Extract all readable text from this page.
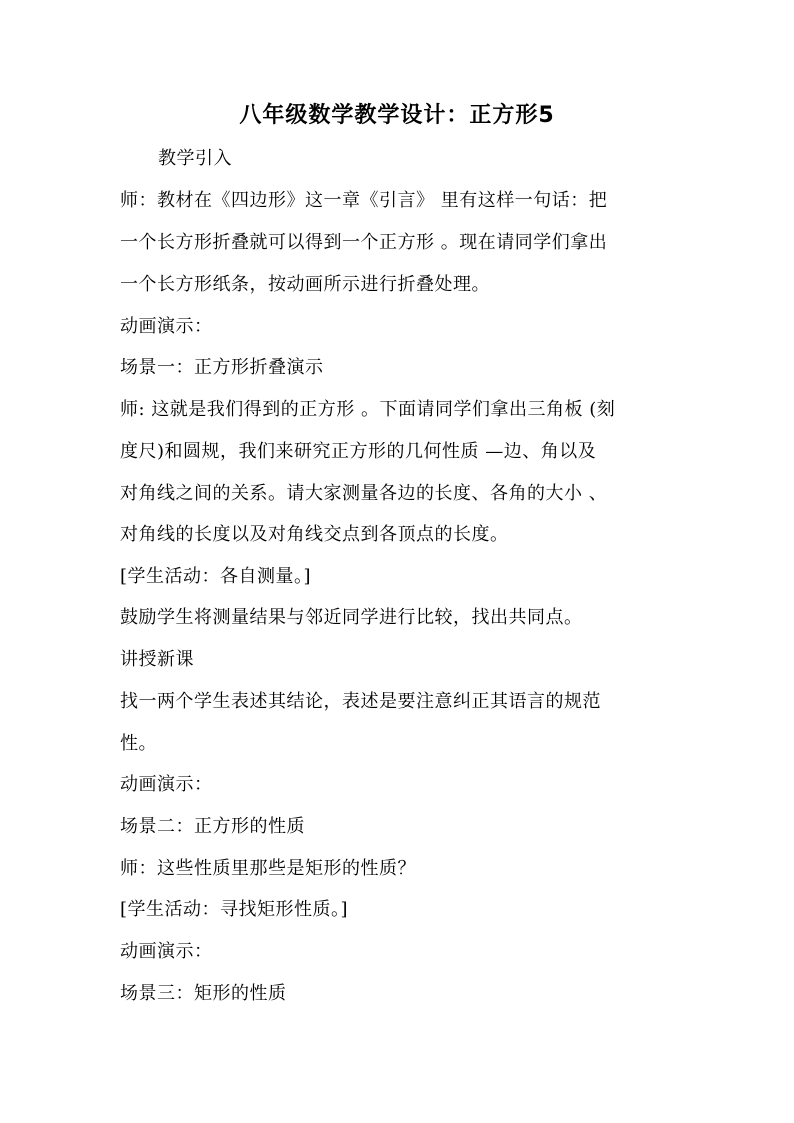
八年级数学教学设计：正方形5
教学引入
师：教材在《四边形》这一章《引言》 里有这样一句话：把
一个长方形折叠就可以得到一个正方形 。现在请同学们拿出
一个长方形纸条，按动画所示进行折叠处理。
动画演示：
场景一：正方形折叠演示
师: 这就是我们得到的正方形 。下面请同学们拿出三角板 (刻
度尺)和圆规，我们来研究正方形的几何性质 —边、角以及
对角线之间的关系。请大家测量各边的长度、各角的大小 、
对角线的长度以及对角线交点到各顶点的长度。
[学生活动：各自测量。]
鼓励学生将测量结果与邻近同学进行比较，找出共同点。
讲授新课
找一两个学生表述其结论，表述是要注意纠正其语言的规范
性。
动画演示：
场景二：正方形的性质
师：这些性质里那些是矩形的性质？
[学生活动：寻找矩形性质。]
动画演示：
场景三：矩形的性质
